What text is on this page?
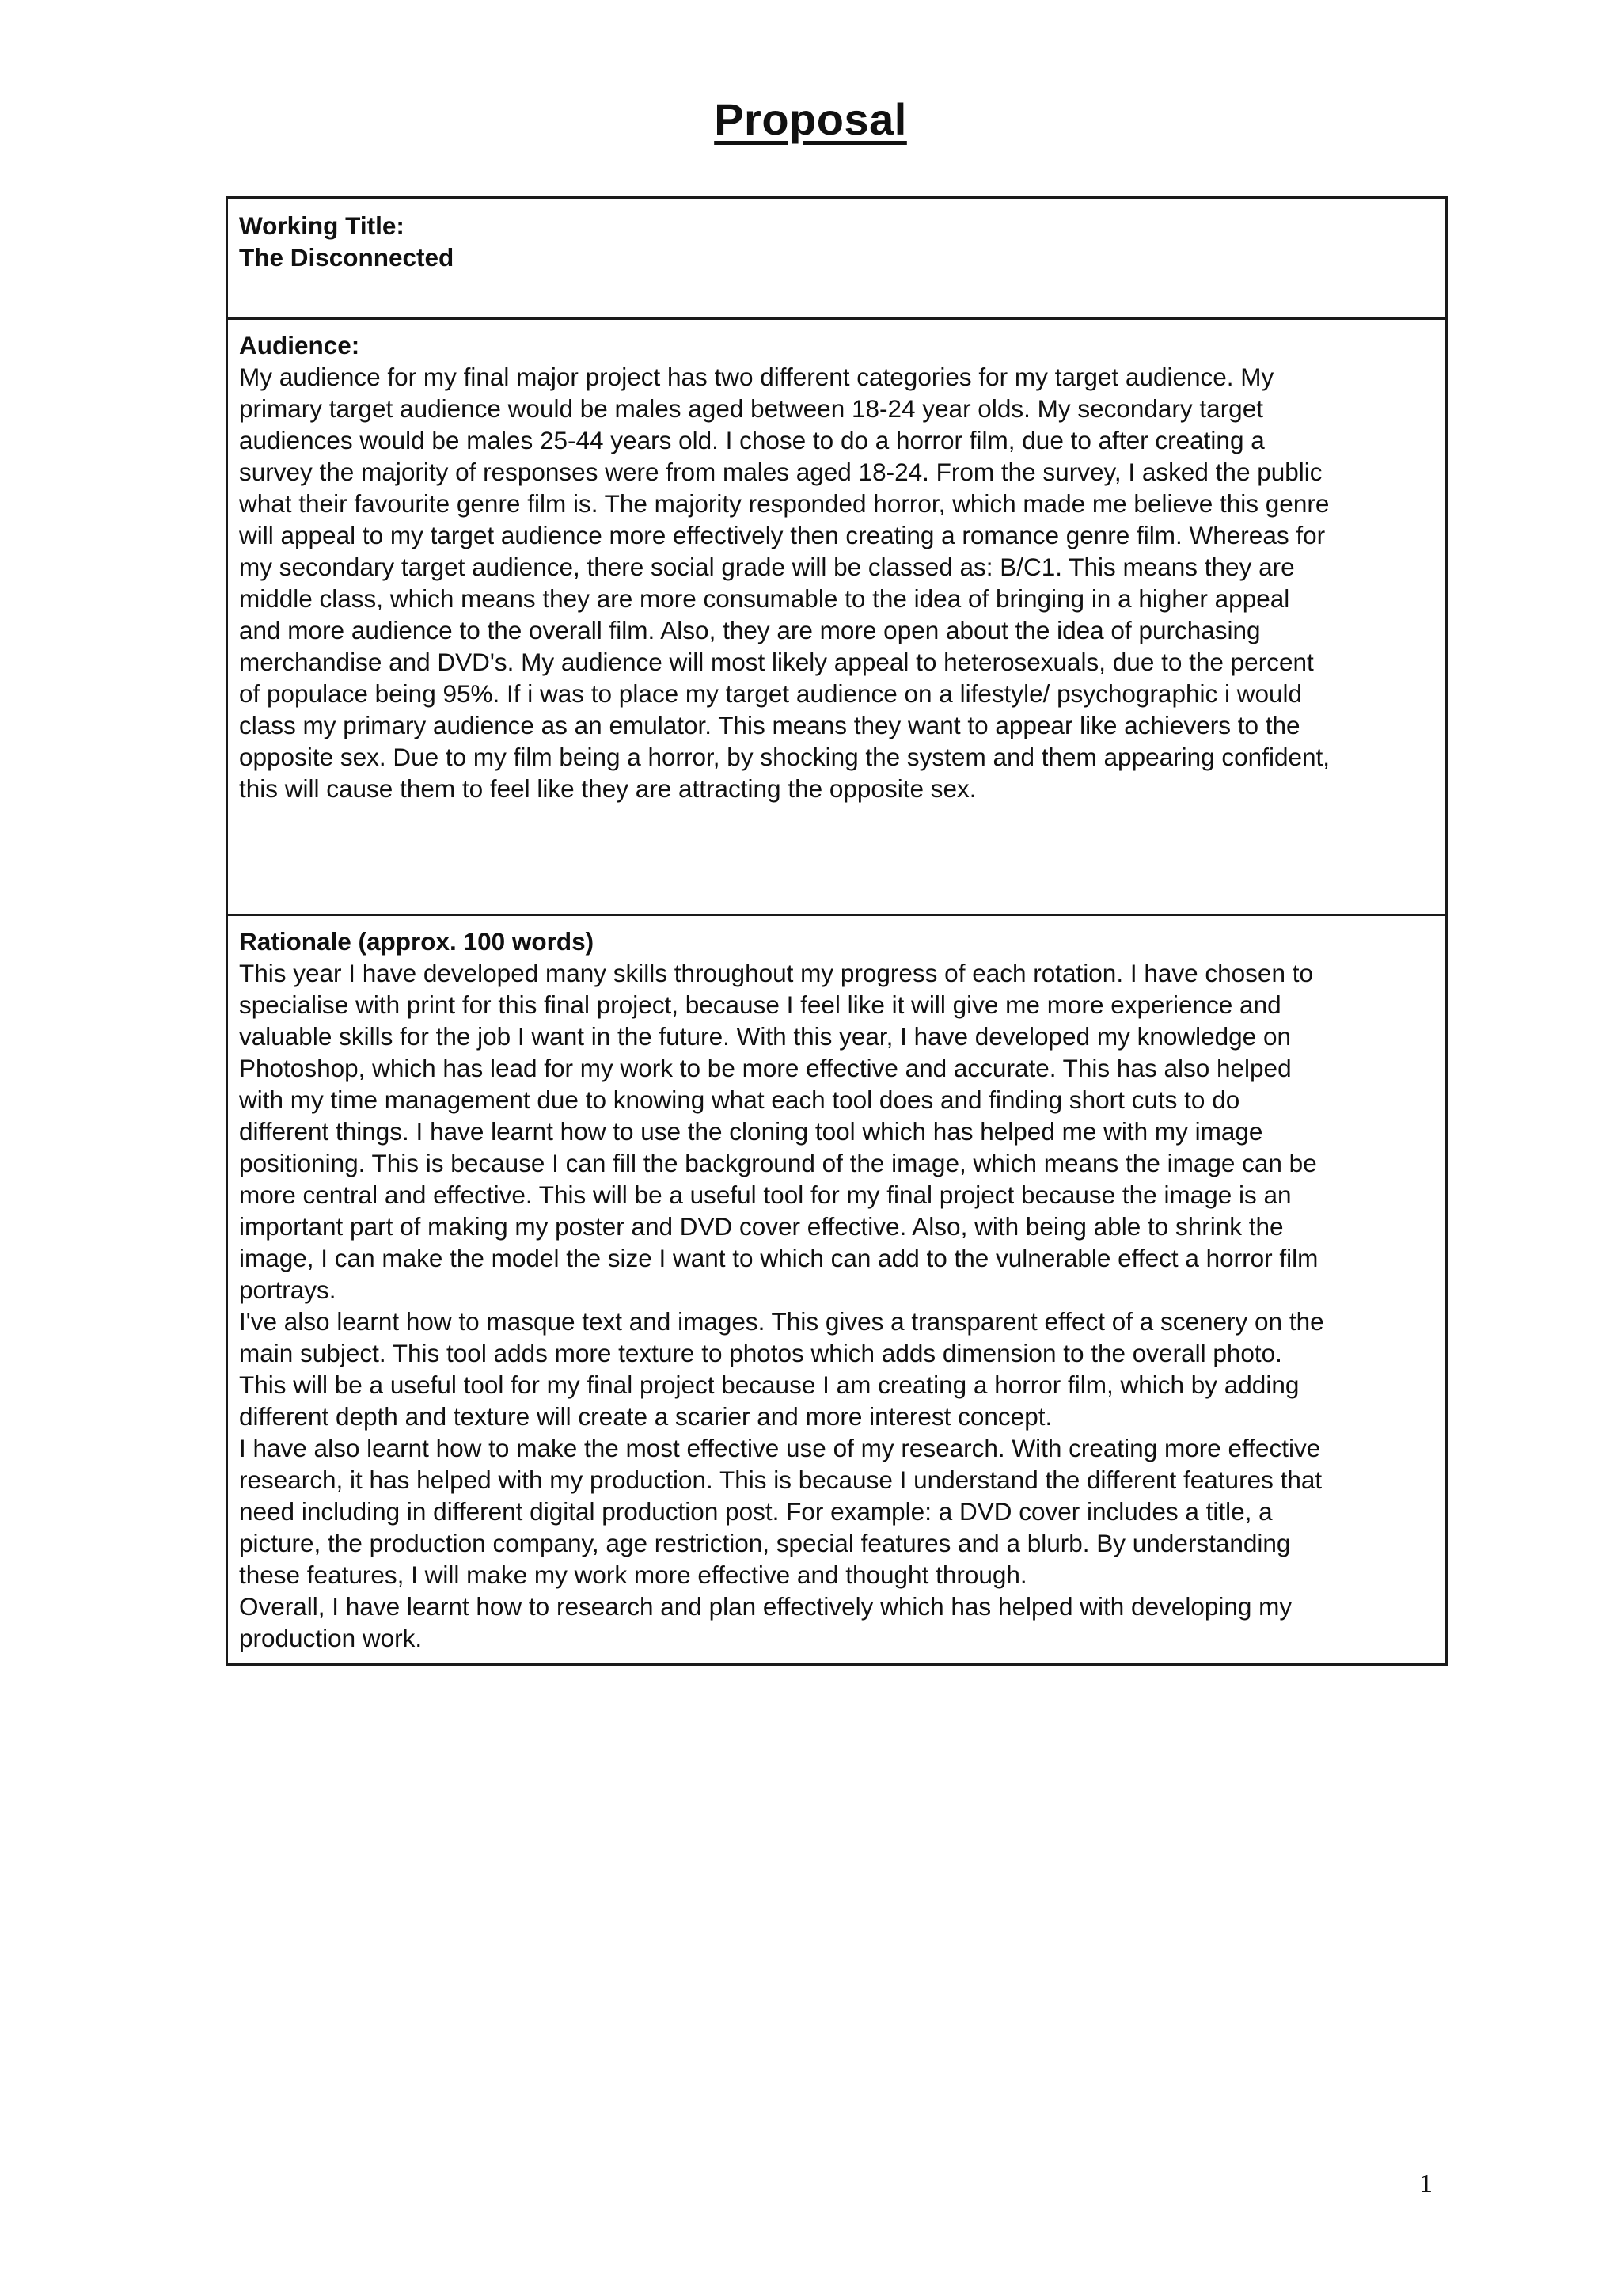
Proposal
Working Title:
The Disconnected
Audience:
My audience for my final major project has two different categories for my target audience. My
primary target audience would be males aged between 18-24 year olds. My secondary target
audiences would be males 25-44 years old. I chose to do a horror film, due to after creating a
survey the majority of responses were from males aged 18-24. From the survey, I asked the public
what their favourite genre film is. The majority responded horror, which made me believe this genre
will appeal to my target audience more effectively then creating a romance genre film. Whereas for
my secondary target audience, there social grade will be classed as: B/C1. This means they are
middle class, which means they are more consumable to the idea of bringing in a higher appeal
and more audience to the overall film. Also, they are more open about the idea of purchasing
merchandise and DVD's. My audience will most likely appeal to heterosexuals, due to the percent
of populace being 95%. If i was to place my target audience on a lifestyle/ psychographic i would
class my primary audience as an emulator. This means they want to appear like achievers to the
opposite sex. Due to my film being a horror, by shocking the system and them appearing confident,
this will cause them to feel like they are attracting the opposite sex.
Rationale (approx. 100 words)
This year I have developed many skills throughout my progress of each rotation. I have chosen to
specialise with print for this final project, because I feel like it will give me more experience and
valuable skills for the job I want in the future. With this year, I have developed my knowledge on
Photoshop, which has lead for my work to be more effective and accurate. This has also helped
with my time management due to knowing what each tool does and finding short cuts to do
different things. I have learnt how to use the cloning tool which has helped me with my image
positioning. This is because I can fill the background of the image, which means the image can be
more central and effective. This will be a useful tool for my final project because the image is an
important part of making my poster and DVD cover effective. Also, with being able to shrink the
image, I can make the model the size I want to which can add to the vulnerable effect a horror film
portrays.
I've also learnt how to masque text and images. This gives a transparent effect of a scenery on the
main subject. This tool adds more texture to photos which adds dimension to the overall photo.
This will be a useful tool for my final project because I am creating a horror film, which by adding
different depth and texture will create a scarier and more interest concept.
I have also learnt how to make the most effective use of my research. With creating more effective
research, it has helped with my production. This is because I understand the different features that
need including in different digital production post. For example: a DVD cover includes a title, a
picture, the production company, age restriction, special features and a blurb. By understanding
these features, I will make my work more effective and thought through.
Overall, I have learnt how to research and plan effectively which has helped with developing my
production work.
1
